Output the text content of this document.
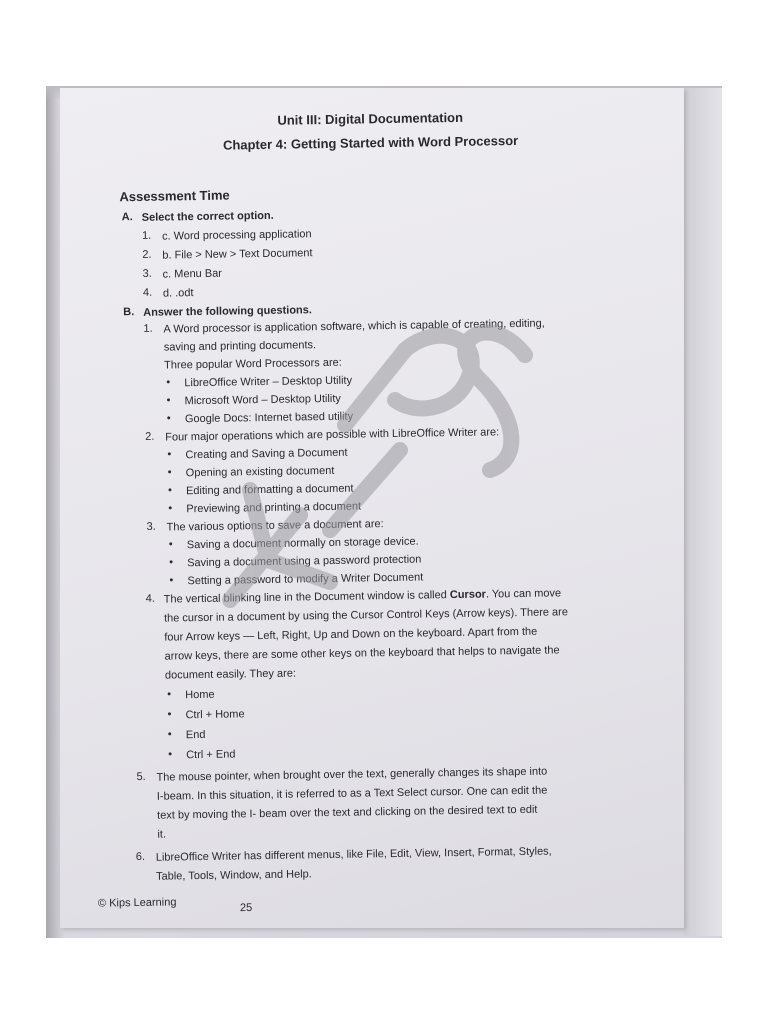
Unit III: Digital Documentation
Chapter 4: Getting Started with Word Processor
Assessment Time
A. Select the correct option.
1. c. Word processing application
2. b. File > New > Text Document
3. c. Menu Bar
4. d. .odt
B. Answer the following questions.
1. A Word processor is application software, which is capable of creating, editing,
saving and printing documents.
Three popular Word Processors are:
• LibreOffice Writer – Desktop Utility
• Microsoft Word – Desktop Utility
• Google Docs: Internet based utility
2. Four major operations which are possible with LibreOffice Writer are:
• Creating and Saving a Document
• Opening an existing document
• Editing and formatting a document
• Previewing and printing a document
3. The various options to save a document are:
• Saving a document normally on storage device.
• Saving a document using a password protection
• Setting a password to modify a Writer Document
4. The vertical blinking line in the Document window is called Cursor. You can move
the cursor in a document by using the Cursor Control Keys (Arrow keys). There are
four Arrow keys — Left, Right, Up and Down on the keyboard. Apart from the
arrow keys, there are some other keys on the keyboard that helps to navigate the
document easily. They are:
• Home
• Ctrl + Home
• End
• Ctrl + End
5. The mouse pointer, when brought over the text, generally changes its shape into
I-beam. In this situation, it is referred to as a Text Select cursor. One can edit the
text by moving the I- beam over the text and clicking on the desired text to edit
it.
6. LibreOffice Writer has different menus, like File, Edit, View, Insert, Format, Styles,
Table, Tools, Window, and Help.
© Kips Learning	25
